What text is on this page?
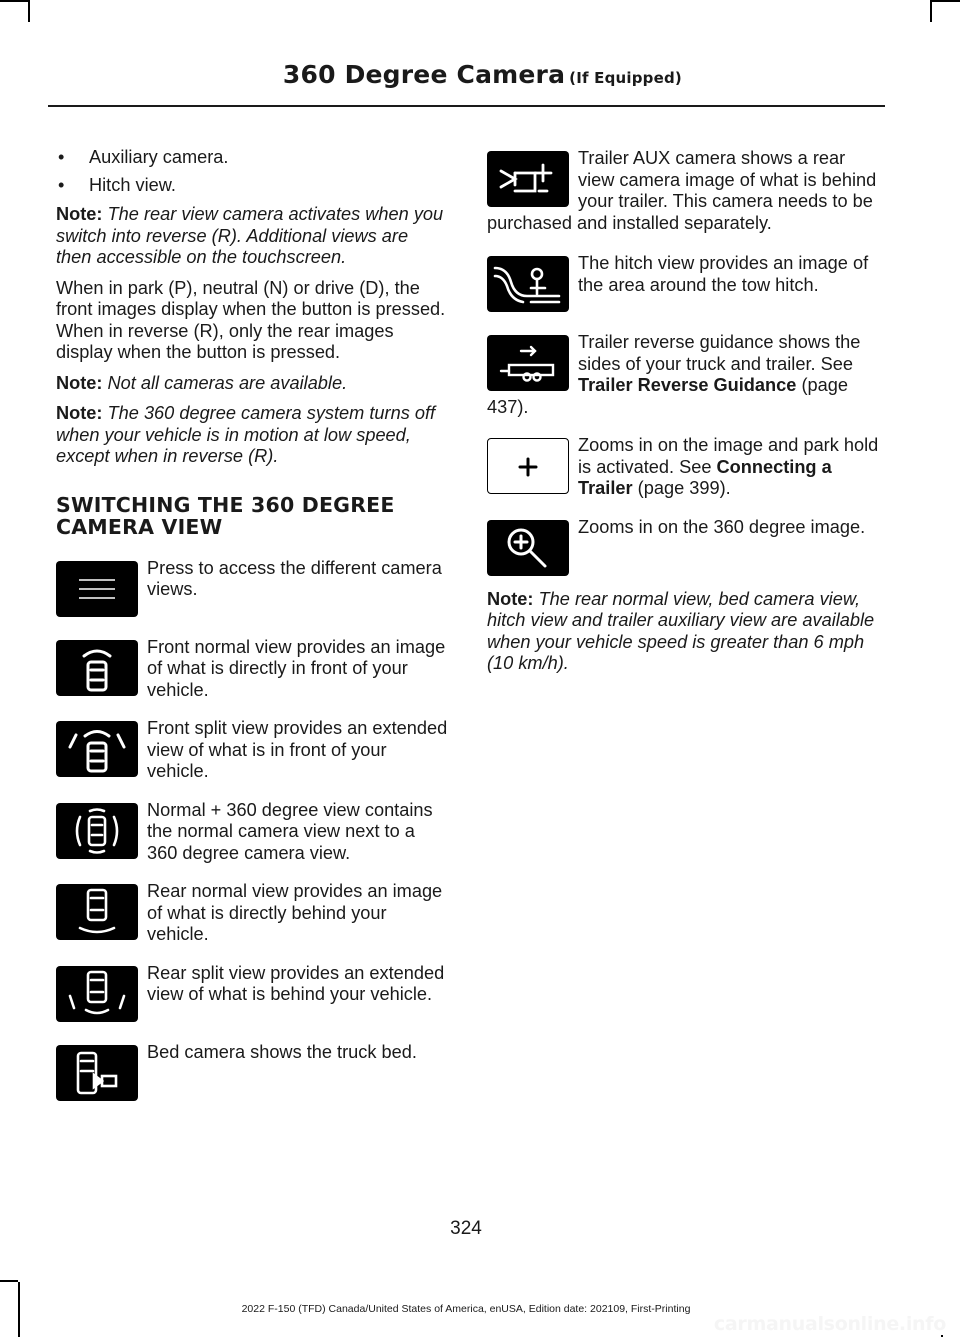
360 Degree Camera (If Equipped)
• Auxiliary camera.
• Hitch view.

Note: The rear view camera activates when you switch into reverse (R). Additional views are then accessible on the touchscreen.

When in park (P), neutral (N) or drive (D), the front images display when the button is pressed. When in reverse (R), only the rear images display when the button is pressed.

Note: Not all cameras are available.

Note: The 360 degree camera system turns off when your vehicle is in motion at low speed, except when in reverse (R).

SWITCHING THE 360 DEGREE CAMERA VIEW
Press to access the different camera views.
Front normal view provides an image of what is directly in front of your vehicle.
Front split view provides an extended view of what is in front of your vehicle.
Normal + 360 degree view contains the normal camera view next to a 360 degree camera view.
Rear normal view provides an image of what is directly behind your vehicle.
Rear split view provides an extended view of what is behind your vehicle.
Bed camera shows the truck bed.
Trailer AUX camera shows a rear view camera image of what is behind your trailer. This camera needs to be purchased and installed separately.
The hitch view provides an image of the area around the tow hitch.
Trailer reverse guidance shows the sides of your truck and trailer. See Trailer Reverse Guidance (page 437).
Zooms in on the image and park hold is activated. See Connecting a Trailer (page 399).
Zooms in on the 360 degree image.

Note: The rear normal view, bed camera view, hitch view and trailer auxiliary view are available when your vehicle speed is greater than 6 mph (10 km/h).

324
2022 F-150 (TFD) Canada/United States of America, enUSA, Edition date: 202109, First-Printing
carmanualsonline.info
